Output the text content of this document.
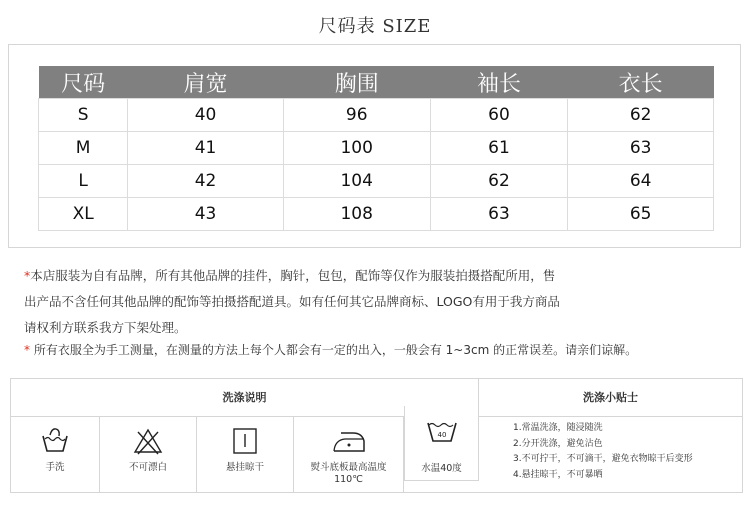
尺码表 SIZE
尺码	肩宽	胸围	袖长	衣长
S	40	96	60	62
M	41	100	61	63
L	42	104	62	64
XL	43	108	63	65
*本店服装为自有品牌，所有其他品牌的挂件，胸针，包包，配饰等仅作为服装拍摄搭配所用，售
出产品不含任何其他品牌的配饰等拍摄搭配道具。如有任何其它品牌商标、LOGO有用于我方商品
请权利方联系我方下架处理。
* 所有衣服全为手工测量，在测量的方法上每个人都会有一定的出入，一般会有 1~3cm 的正常误差。请亲们谅解。
洗涤说明	洗涤小贴士
手洗	不可漂白	悬挂晾干	熨斗底板最高温度110℃
40
水温40度
1.常温洗涤，随浸随洗
2.分开洗涤，避免沾色
3.不可拧干，不可滴干，避免衣物晾干后变形
4.悬挂晾干，不可暴晒
